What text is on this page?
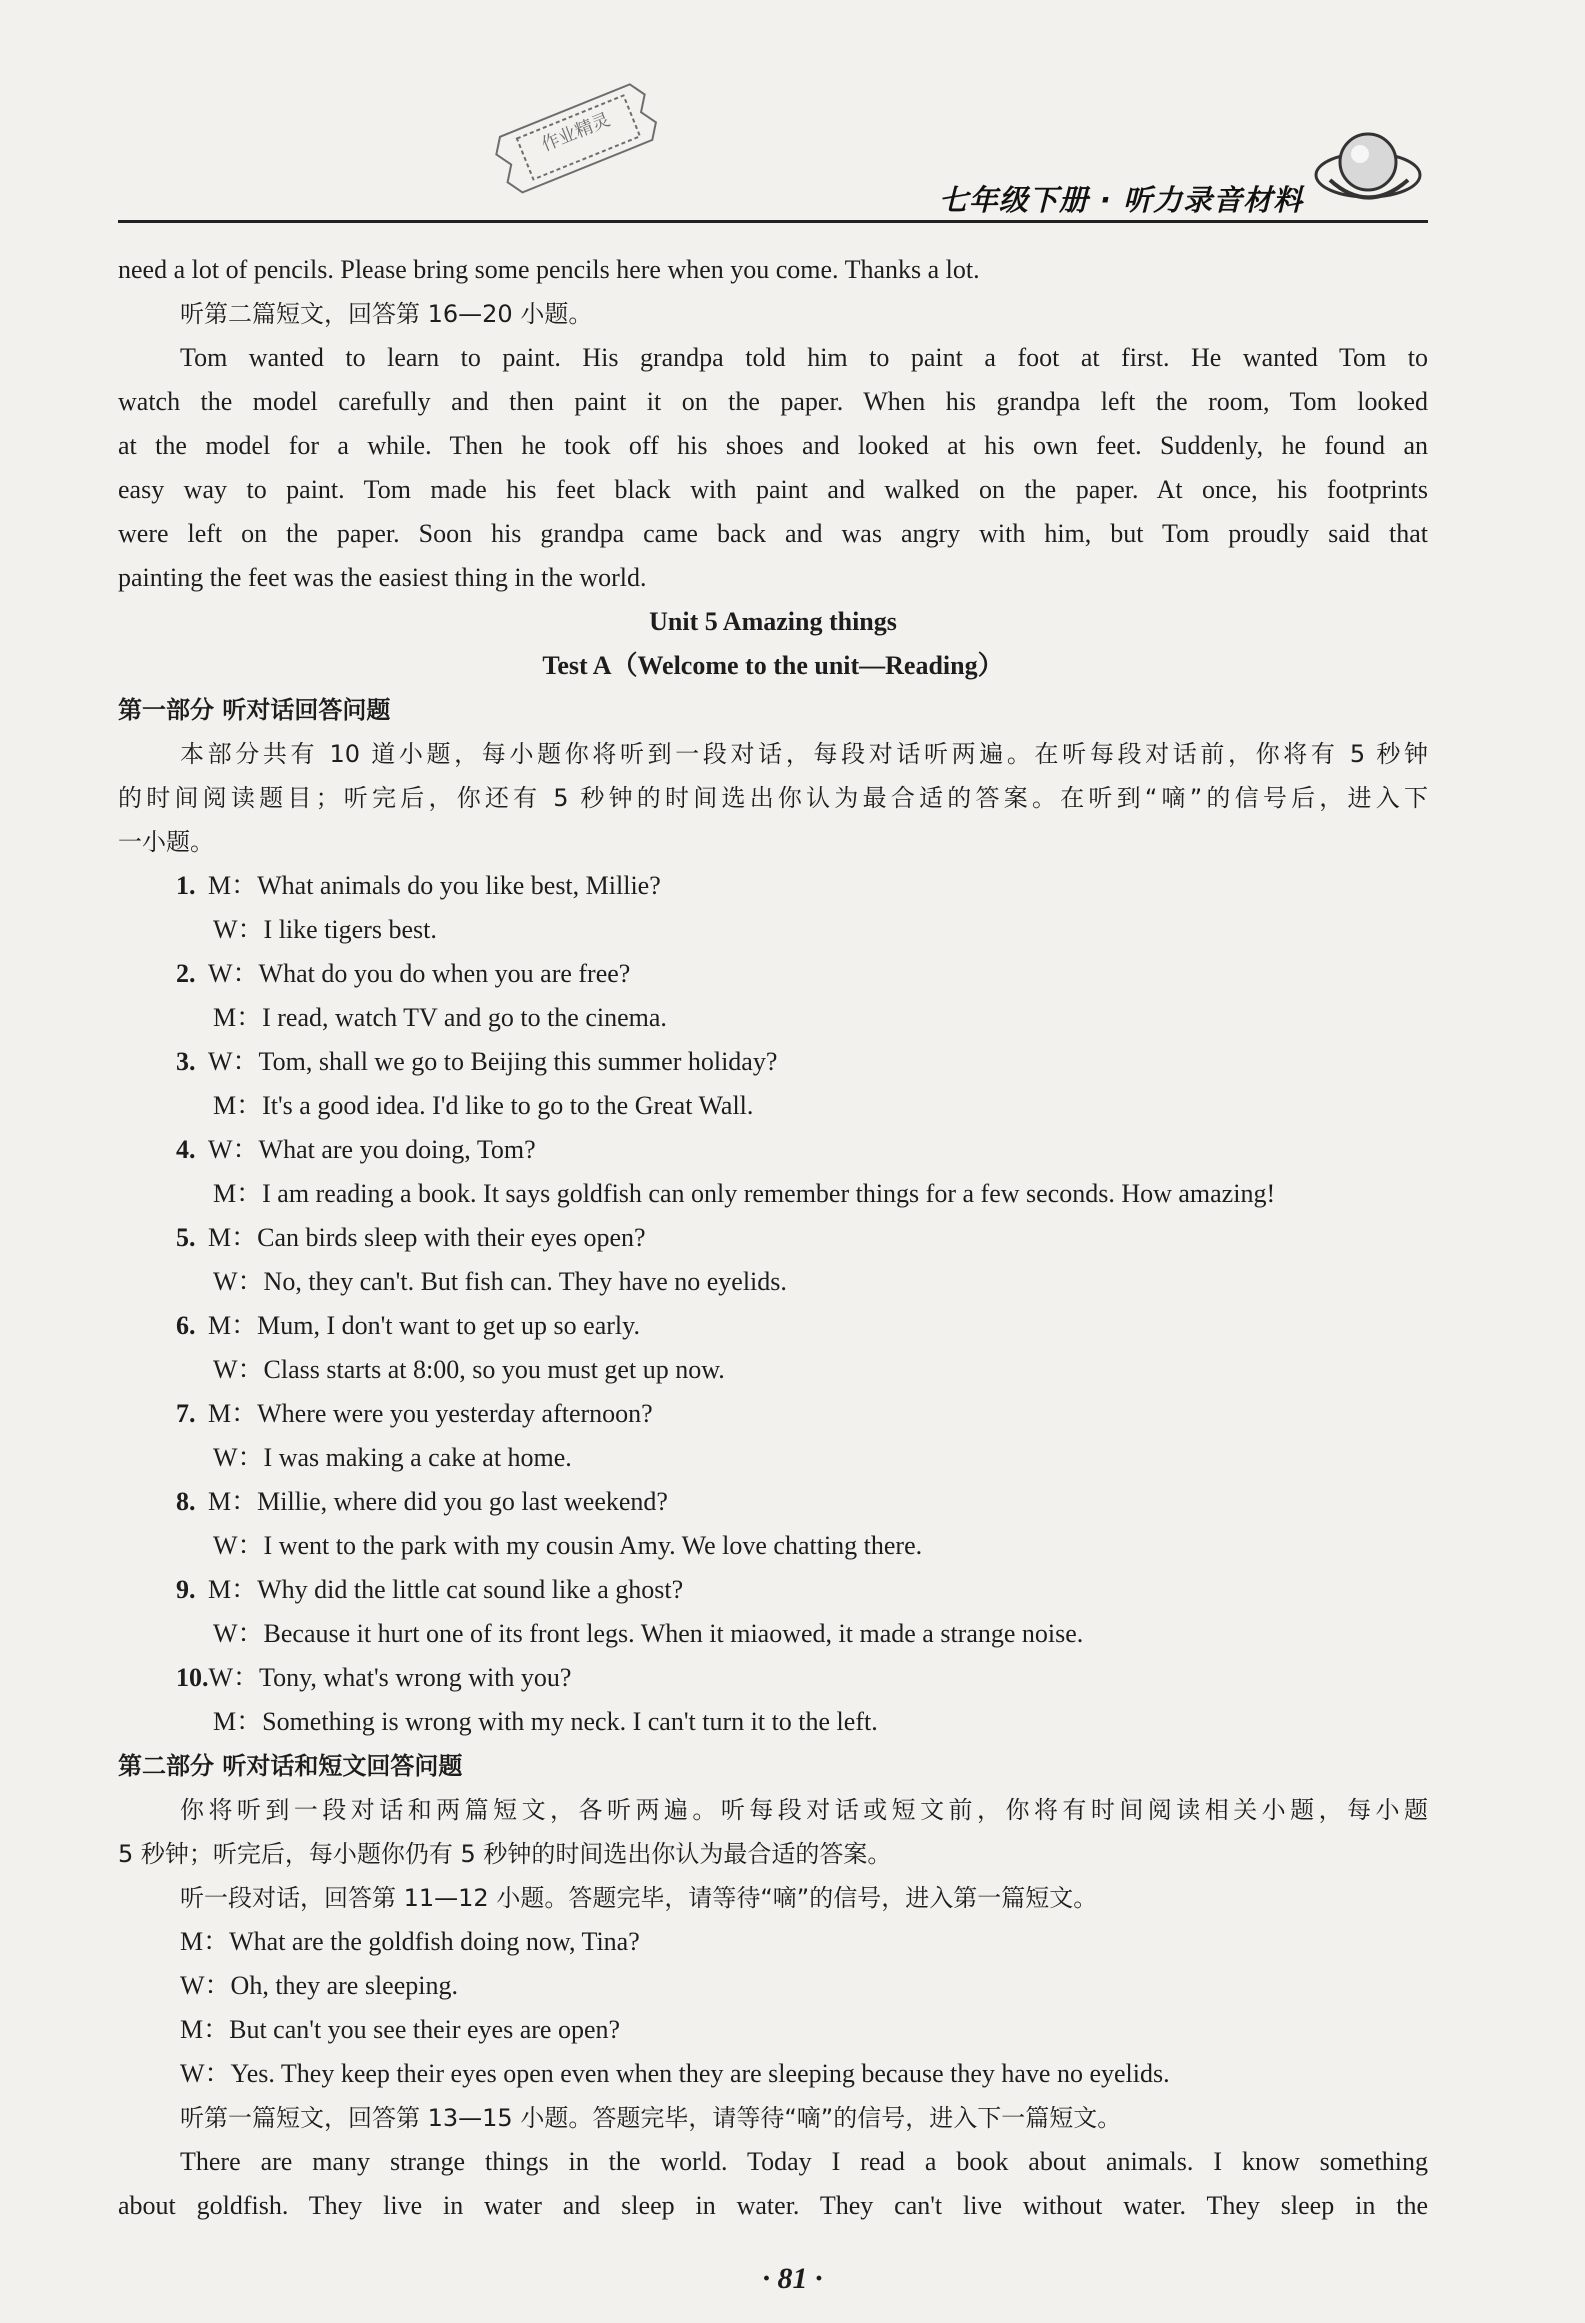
作业精灵
七年级下册 · 听力录音材料
need a lot of pencils. Please bring some pencils here when you come. Thanks a lot.
听第二篇短文，回答第 16—20 小题。
Tom wanted to learn to paint. His grandpa told him to paint a foot at first. He wanted Tom to
watch the model carefully and then paint it on the paper. When his grandpa left the room, Tom looked
at the model for a while. Then he took off his shoes and looked at his own feet. Suddenly, he found an
easy way to paint. Tom made his feet black with paint and walked on the paper. At once, his footprints
were left on the paper. Soon his grandpa came back and was angry with him, but Tom proudly said that
painting the feet was the easiest thing in the world.
Unit 5 Amazing things
Test A（Welcome to the unit—Reading）
第一部分 听对话回答问题
本部分共有 10 道小题，每小题你将听到一段对话，每段对话听两遍。在听每段对话前，你将有 5 秒钟
的时间阅读题目；听完后，你还有 5 秒钟的时间选出你认为最合适的答案。在听到“嘀”的信号后，进入下
一小题。
1. M：What animals do you like best, Millie?
W：I like tigers best.
2. W：What do you do when you are free?
M：I read, watch TV and go to the cinema.
3. W：Tom, shall we go to Beijing this summer holiday?
M：It's a good idea. I'd like to go to the Great Wall.
4. W：What are you doing, Tom?
M：I am reading a book. It says goldfish can only remember things for a few seconds. How amazing!
5. M：Can birds sleep with their eyes open?
W：No, they can't. But fish can. They have no eyelids.
6. M：Mum, I don't want to get up so early.
W：Class starts at 8:00, so you must get up now.
7. M：Where were you yesterday afternoon?
W：I was making a cake at home.
8. M：Millie, where did you go last weekend?
W：I went to the park with my cousin Amy. We love chatting there.
9. M：Why did the little cat sound like a ghost?
W：Because it hurt one of its front legs. When it miaowed, it made a strange noise.
10.W：Tony, what's wrong with you?
M：Something is wrong with my neck. I can't turn it to the left.
第二部分 听对话和短文回答问题
你将听到一段对话和两篇短文，各听两遍。听每段对话或短文前，你将有时间阅读相关小题，每小题
5 秒钟；听完后，每小题你仍有 5 秒钟的时间选出你认为最合适的答案。
听一段对话，回答第 11—12 小题。答题完毕，请等待“嘀”的信号，进入第一篇短文。
M：What are the goldfish doing now, Tina?
W：Oh, they are sleeping.
M：But can't you see their eyes are open?
W：Yes. They keep their eyes open even when they are sleeping because they have no eyelids.
听第一篇短文，回答第 13—15 小题。答题完毕，请等待“嘀”的信号，进入下一篇短文。
There are many strange things in the world. Today I read a book about animals. I know something
about goldfish. They live in water and sleep in water. They can't live without water. They sleep in the
· 81 ·
